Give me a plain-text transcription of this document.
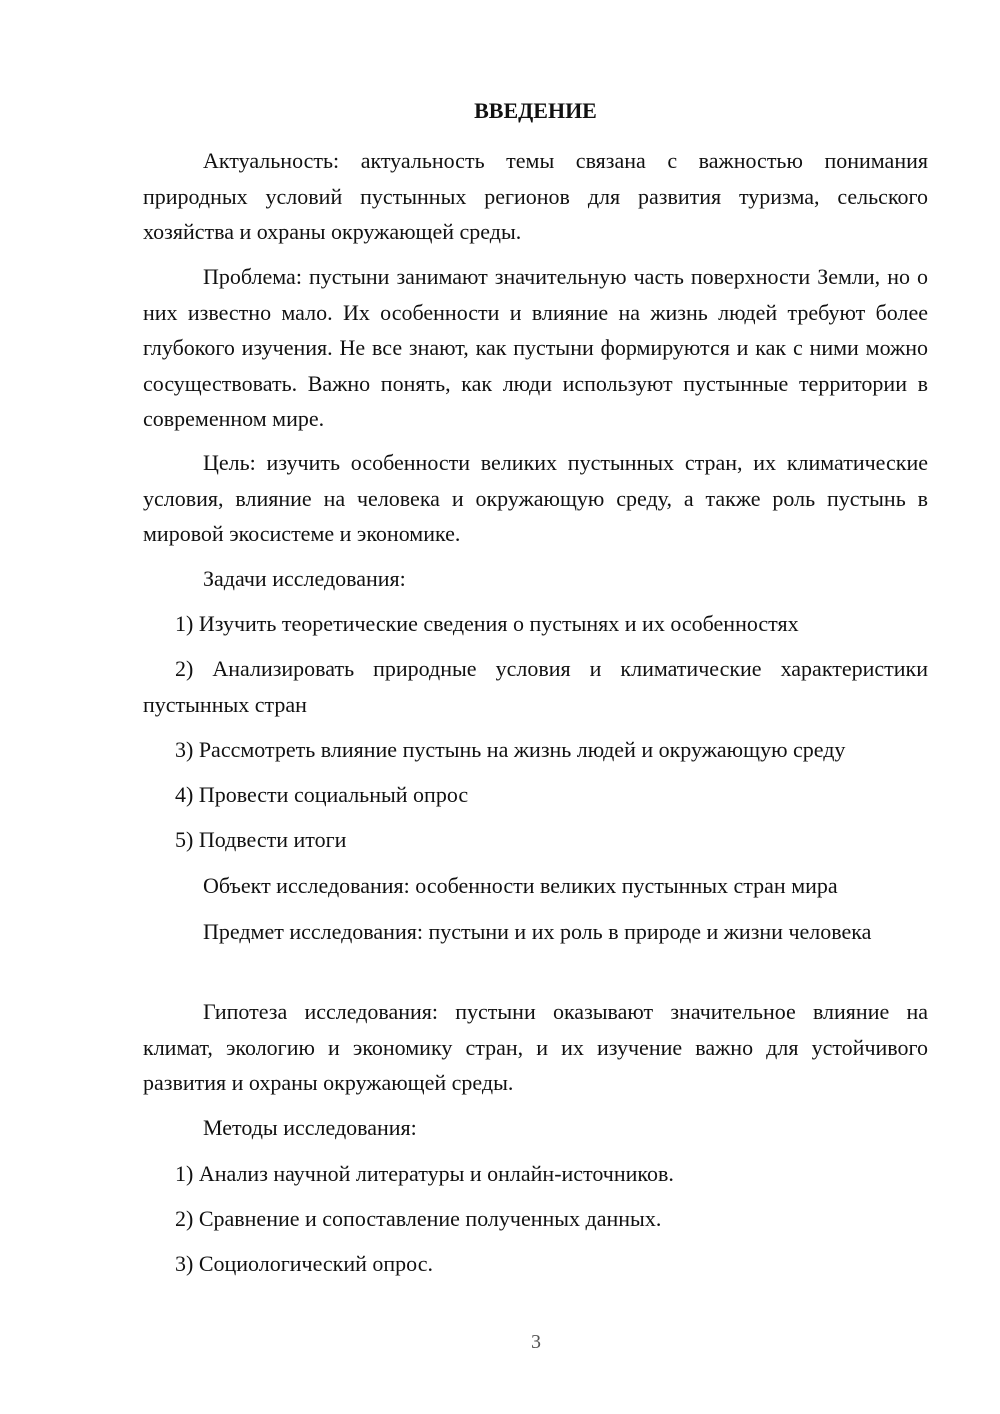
ВВЕДЕНИЕ

Актуальность: актуальность темы связана с важностью понимания природных условий пустынных регионов для развития туризма, сельского хозяйства и охраны окружающей среды.

Проблема: пустыни занимают значительную часть поверхности Земли, но о них известно мало. Их особенности и влияние на жизнь людей требуют более глубокого изучения. Не все знают, как пустыни формируются и как с ними можно сосуществовать. Важно понять, как люди используют пустынные территории в современном мире.

Цель: изучить особенности великих пустынных стран, их климатические условия, влияние на человека и окружающую среду, а также роль пустынь в мировой экосистеме и экономике.

Задачи исследования:

1) Изучить теоретические сведения о пустынях и их особенностях

2) Анализировать природные условия и климатические характеристики пустынных стран

3) Рассмотреть влияние пустынь на жизнь людей и окружающую среду

4) Провести социальный опрос

5) Подвести итоги

Объект исследования: особенности великих пустынных стран мира

Предмет исследования: пустыни и их роль в природе и жизни человека

Гипотеза исследования: пустыни оказывают значительное влияние на климат, экологию и экономику стран, и их изучение важно для устойчивого развития и охраны окружающей среды.

Методы исследования:

1) Анализ научной литературы и онлайн-источников.

2) Сравнение и сопоставление полученных данных.

3) Социологический опрос.

3
